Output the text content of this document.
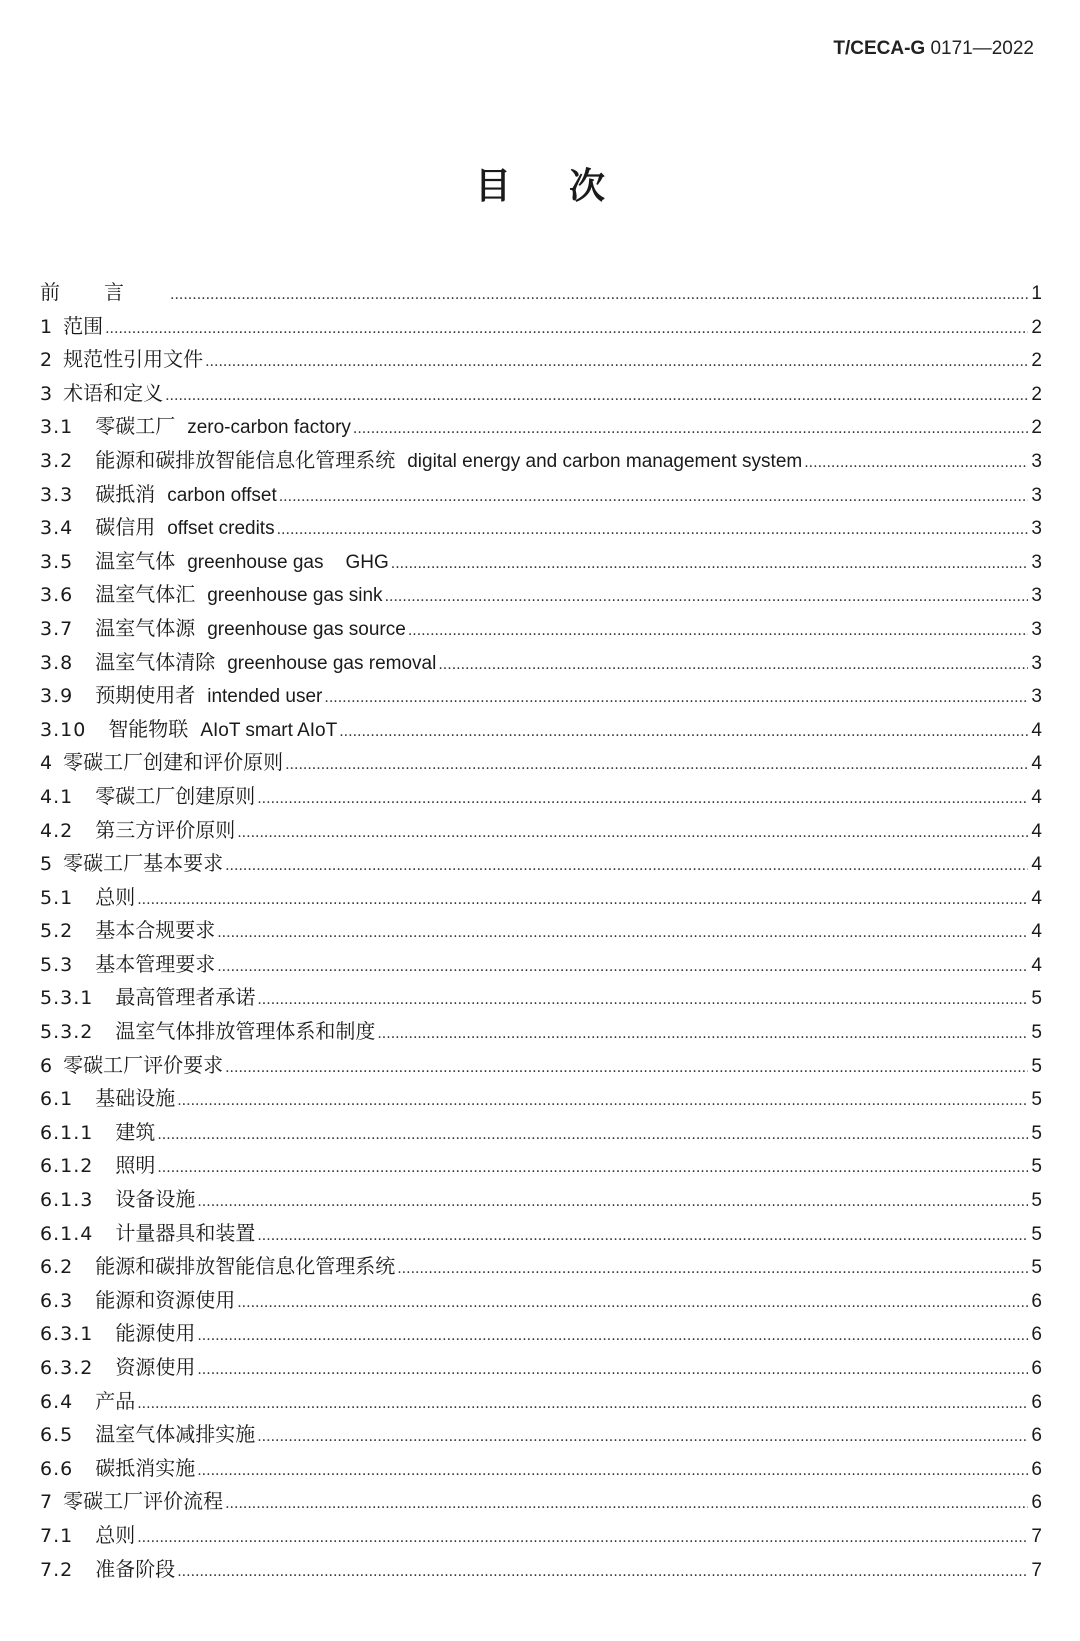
T/CECA-G 0171—2022
目次
前言 .....	1
1 范围 .....	2
2 规范性引用文件 .....	2
3 术语和定义 .....	2
3.1 零碳工厂 zero-carbon factory .....	2
3.2 能源和碳排放智能信息化管理系统 digital energy and carbon management system .....	3
3.3 碳抵消 carbon offset .....	3
3.4 碳信用 offset credits .....	3
3.5 温室气体 greenhouse gas GHG .....	3
3.6 温室气体汇 greenhouse gas sink .....	3
3.7 温室气体源 greenhouse gas source .....	3
3.8 温室气体清除 greenhouse gas removal .....	3
3.9 预期使用者 intended user .....	3
3.10 智能物联 AIoT smart AIoT .....	4
4 零碳工厂创建和评价原则 .....	4
4.1 零碳工厂创建原则 .....	4
4.2 第三方评价原则 .....	4
5 零碳工厂基本要求 .....	4
5.1 总则 .....	4
5.2 基本合规要求 .....	4
5.3 基本管理要求 .....	4
5.3.1 最高管理者承诺 .....	5
5.3.2 温室气体排放管理体系和制度 .....	5
6 零碳工厂评价要求 .....	5
6.1 基础设施 .....	5
6.1.1 建筑 .....	5
6.1.2 照明 .....	5
6.1.3 设备设施 .....	5
6.1.4 计量器具和装置 .....	5
6.2 能源和碳排放智能信息化管理系统 .....	5
6.3 能源和资源使用 .....	6
6.3.1 能源使用 .....	6
6.3.2 资源使用 .....	6
6.4 产品 .....	6
6.5 温室气体减排实施 .....	6
6.6 碳抵消实施 .....	6
7 零碳工厂评价流程 .....	6
7.1 总则 .....	7
7.2 准备阶段 .....	7
